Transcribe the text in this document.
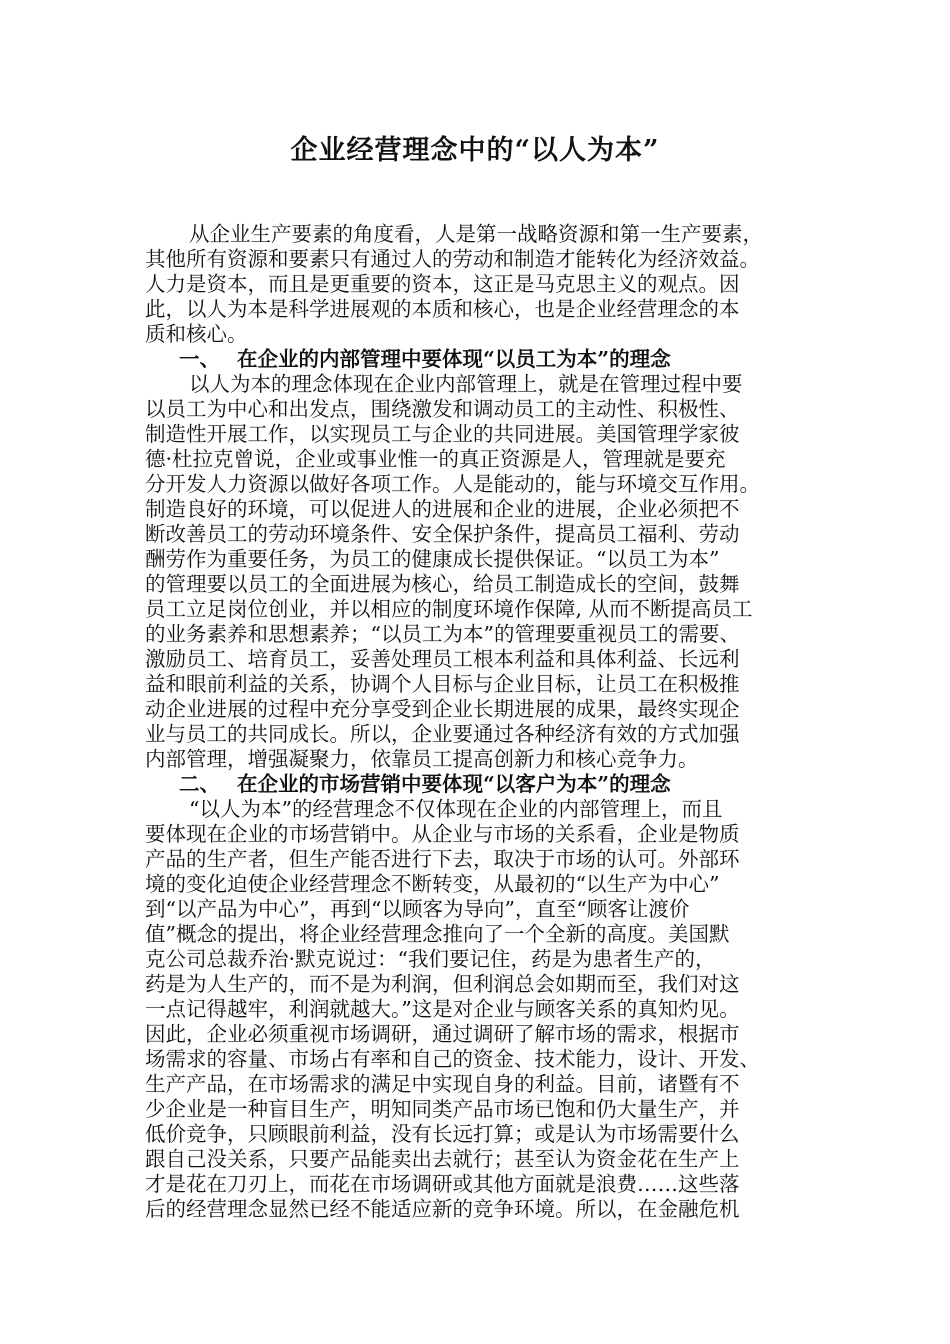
企业经营理念中的“以人为本”
从企业生产要素的角度看，人是第一战略资源和第一生产要素，
其他所有资源和要素只有通过人的劳动和制造才能转化为经济效益。
人力是资本，而且是更重要的资本，这正是马克思主义的观点。因
此，以人为本是科学进展观的本质和核心，也是企业经营理念的本
质和核心。
一、 在企业的内部管理中要体现“以员工为本”的理念
以人为本的理念体现在企业内部管理上，就是在管理过程中要
以员工为中心和出发点，围绕激发和调动员工的主动性、积极性、
制造性开展工作，以实现员工与企业的共同进展。美国管理学家彼
德·杜拉克曾说，企业或事业惟一的真正资源是人，管理就是要充
分开发人力资源以做好各项工作。人是能动的，能与环境交互作用。
制造良好的环境，可以促进人的进展和企业的进展，企业必须把不
断改善员工的劳动环境条件、安全保护条件，提高员工福利、劳动
酬劳作为重要任务，为员工的健康成长提供保证。“以员工为本”
的管理要以员工的全面进展为核心，给员工制造成长的空间，鼓舞
员工立足岗位创业，并以相应的制度环境作保障, 从而不断提高员工
的业务素养和思想素养；“以员工为本”的管理要重视员工的需要、
激励员工、培育员工，妥善处理员工根本利益和具体利益、长远利
益和眼前利益的关系，协调个人目标与企业目标，让员工在积极推
动企业进展的过程中充分享受到企业长期进展的成果，最终实现企
业与员工的共同成长。所以，企业要通过各种经济有效的方式加强
内部管理，增强凝聚力，依靠员工提高创新力和核心竞争力。
二、 在企业的市场营销中要体现“以客户为本”的理念
“以人为本”的经营理念不仅体现在企业的内部管理上，而且
要体现在企业的市场营销中。从企业与市场的关系看，企业是物质
产品的生产者，但生产能否进行下去，取决于市场的认可。外部环
境的变化迫使企业经营理念不断转变，从最初的“以生产为中心”
到“以产品为中心”，再到“以顾客为导向”，直至“顾客让渡价
值”概念的提出，将企业经营理念推向了一个全新的高度。美国默
克公司总裁乔治·默克说过：“我们要记住，药是为患者生产的，
药是为人生产的，而不是为利润，但利润总会如期而至，我们对这
一点记得越牢，利润就越大。”这是对企业与顾客关系的真知灼见。
因此，企业必须重视市场调研，通过调研了解市场的需求，根据市
场需求的容量、市场占有率和自己的资金、技术能力，设计、开发、
生产产品，在市场需求的满足中实现自身的利益。目前，诸暨有不
少企业是一种盲目生产，明知同类产品市场已饱和仍大量生产，并
低价竞争，只顾眼前利益，没有长远打算；或是认为市场需要什么
跟自己没关系，只要产品能卖出去就行；甚至认为资金花在生产上
才是花在刀刃上，而花在市场调研或其他方面就是浪费……这些落
后的经营理念显然已经不能适应新的竞争环境。所以，在金融危机
